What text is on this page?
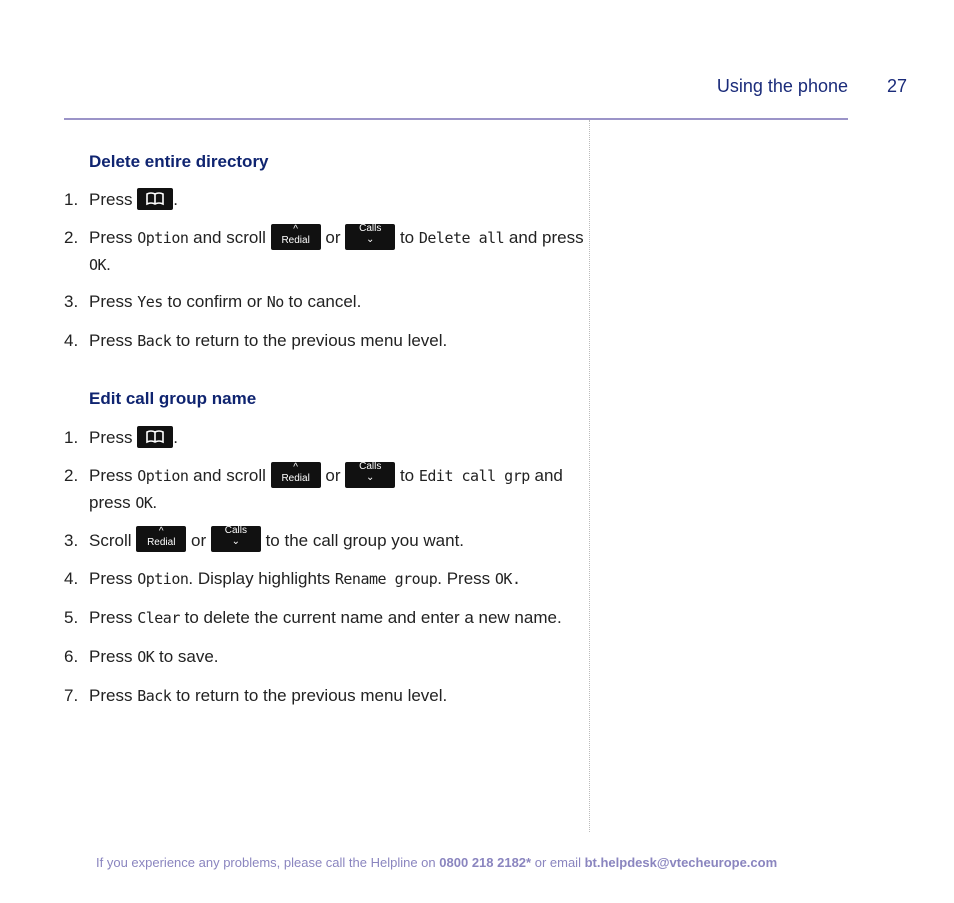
Using the phone 27
Delete entire directory
1. Press .
2. Press Option and scroll	^
Redial or	Calls
⌄	to Delete all and press OK.
3. Press Yes to confirm or No to cancel.
4. Press Back to return to the previous menu level.
Edit call group name
1. Press .
2. Press Option and scroll	^
Redial or	Calls
⌄	to Edit call grp and press OK.
3. Scroll	^
Redial or	Calls
⌄	to the call group you want.
4. Press Option. Display highlights Rename group. Press OK.
5. Press Clear to delete the current name and enter a new name.
6. Press OK to save.
7. Press Back to return to the previous menu level.
If you experience any problems, please call the Helpline on 0800 218 2182* or email bt.helpdesk@vtecheurope.com
